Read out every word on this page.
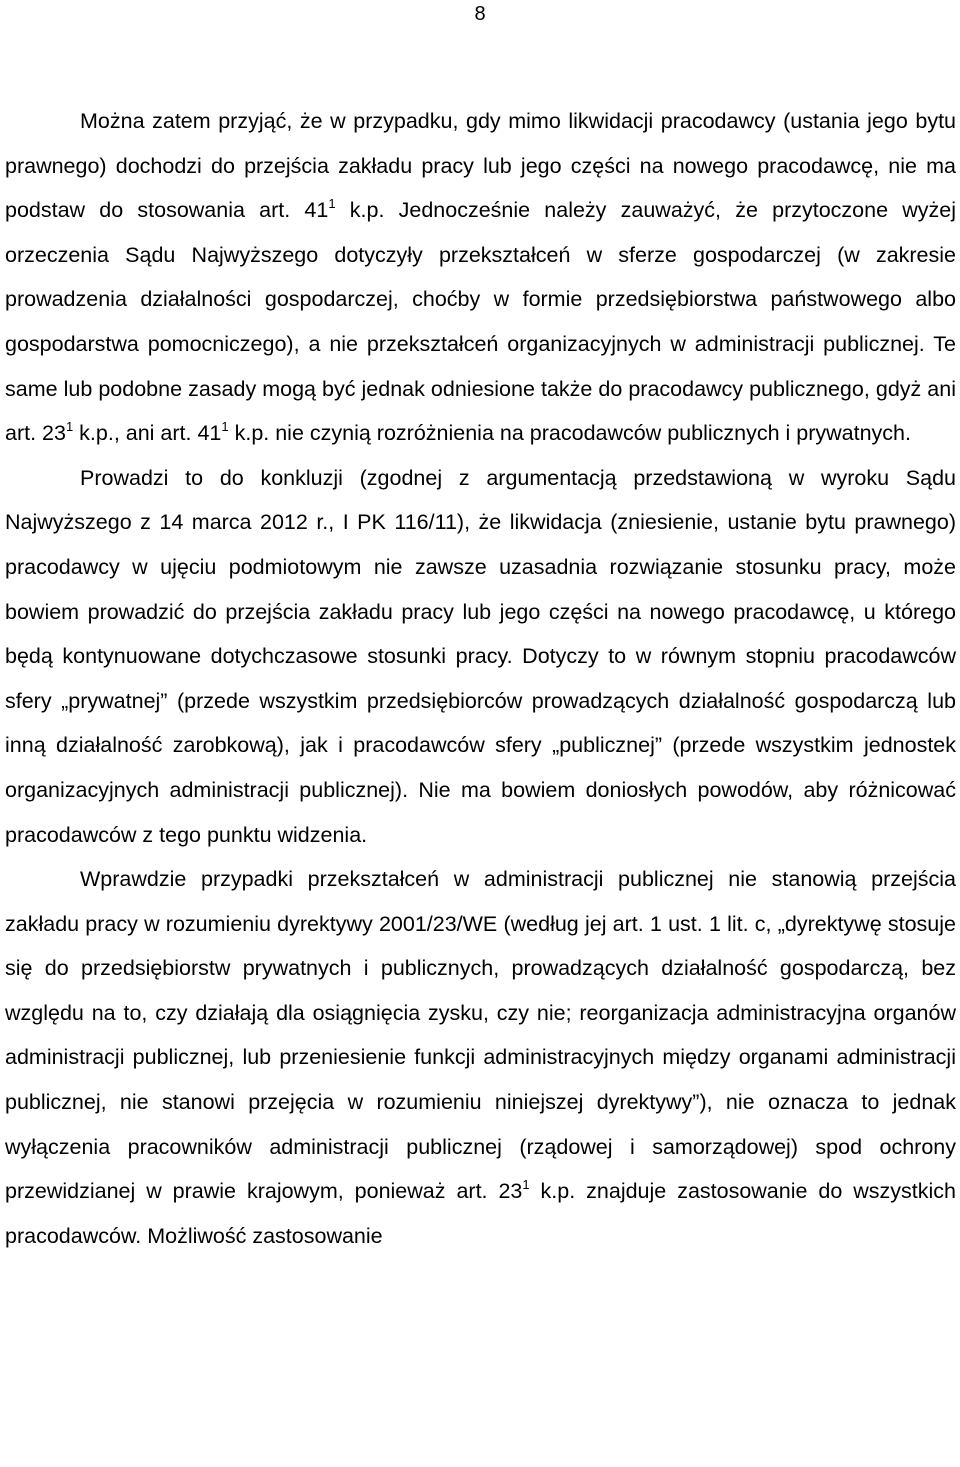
8

Można zatem przyjąć, że w przypadku, gdy mimo likwidacji pracodawcy (ustania jego bytu prawnego) dochodzi do przejścia zakładu pracy lub jego części na nowego pracodawcę, nie ma podstaw do stosowania art. $41^1$ k.p. Jednocześnie należy zauważyć, że przytoczone wyżej orzeczenia Sądu Najwyższego dotyczyły przekształceń w sferze gospodarczej (w zakresie prowadzenia działalności gospodarczej, choćby w formie przedsiębiorstwa państwowego albo gospodarstwa pomocniczego), a nie przekształceń organizacyjnych w administracji publicznej. Te same lub podobne zasady mogą być jednak odniesione także do pracodawcy publicznego, gdyż ani art. $23^1$ k.p., ani art. $41^1$ k.p. nie czynią rozróżnienia na pracodawców publicznych i prywatnych.

Prowadzi to do konkluzji (zgodnej z argumentacją przedstawioną w wyroku Sądu Najwyższego z 14 marca 2012 r., I PK 116/11), że likwidacja (zniesienie, ustanie bytu prawnego) pracodawcy w ujęciu podmiotowym nie zawsze uzasadnia rozwiązanie stosunku pracy, może bowiem prowadzić do przejścia zakładu pracy lub jego części na nowego pracodawcę, u którego będą kontynuowane dotychczasowe stosunki pracy. Dotyczy to w równym stopniu pracodawców sfery „prywatnej” (przede wszystkim przedsiębiorców prowadzących działalność gospodarczą lub inną działalność zarobkową), jak i pracodawców sfery „publicznej” (przede wszystkim jednostek organizacyjnych administracji publicznej). Nie ma bowiem doniosłych powodów, aby różnicować pracodawców z tego punktu widzenia.

Wprawdzie przypadki przekształceń w administracji publicznej nie stanowią przejścia zakładu pracy w rozumieniu dyrektywy 2001/23/WE (według jej art. 1 ust. 1 lit. c, „dyrektywę stosuje się do przedsiębiorstw prywatnych i publicznych, prowadzących działalność gospodarczą, bez względu na to, czy działają dla osiągnięcia zysku, czy nie; reorganizacja administracyjna organów administracji publicznej, lub przeniesienie funkcji administracyjnych między organami administracji publicznej, nie stanowi przejęcia w rozumieniu niniejszej dyrektywy”), nie oznacza to jednak wyłączenia pracowników administracji publicznej (rządowej i samorządowej) spod ochrony przewidzianej w prawie krajowym, ponieważ art. $23^1$ k.p. znajduje zastosowanie do wszystkich pracodawców. Możliwość zastosowanie
